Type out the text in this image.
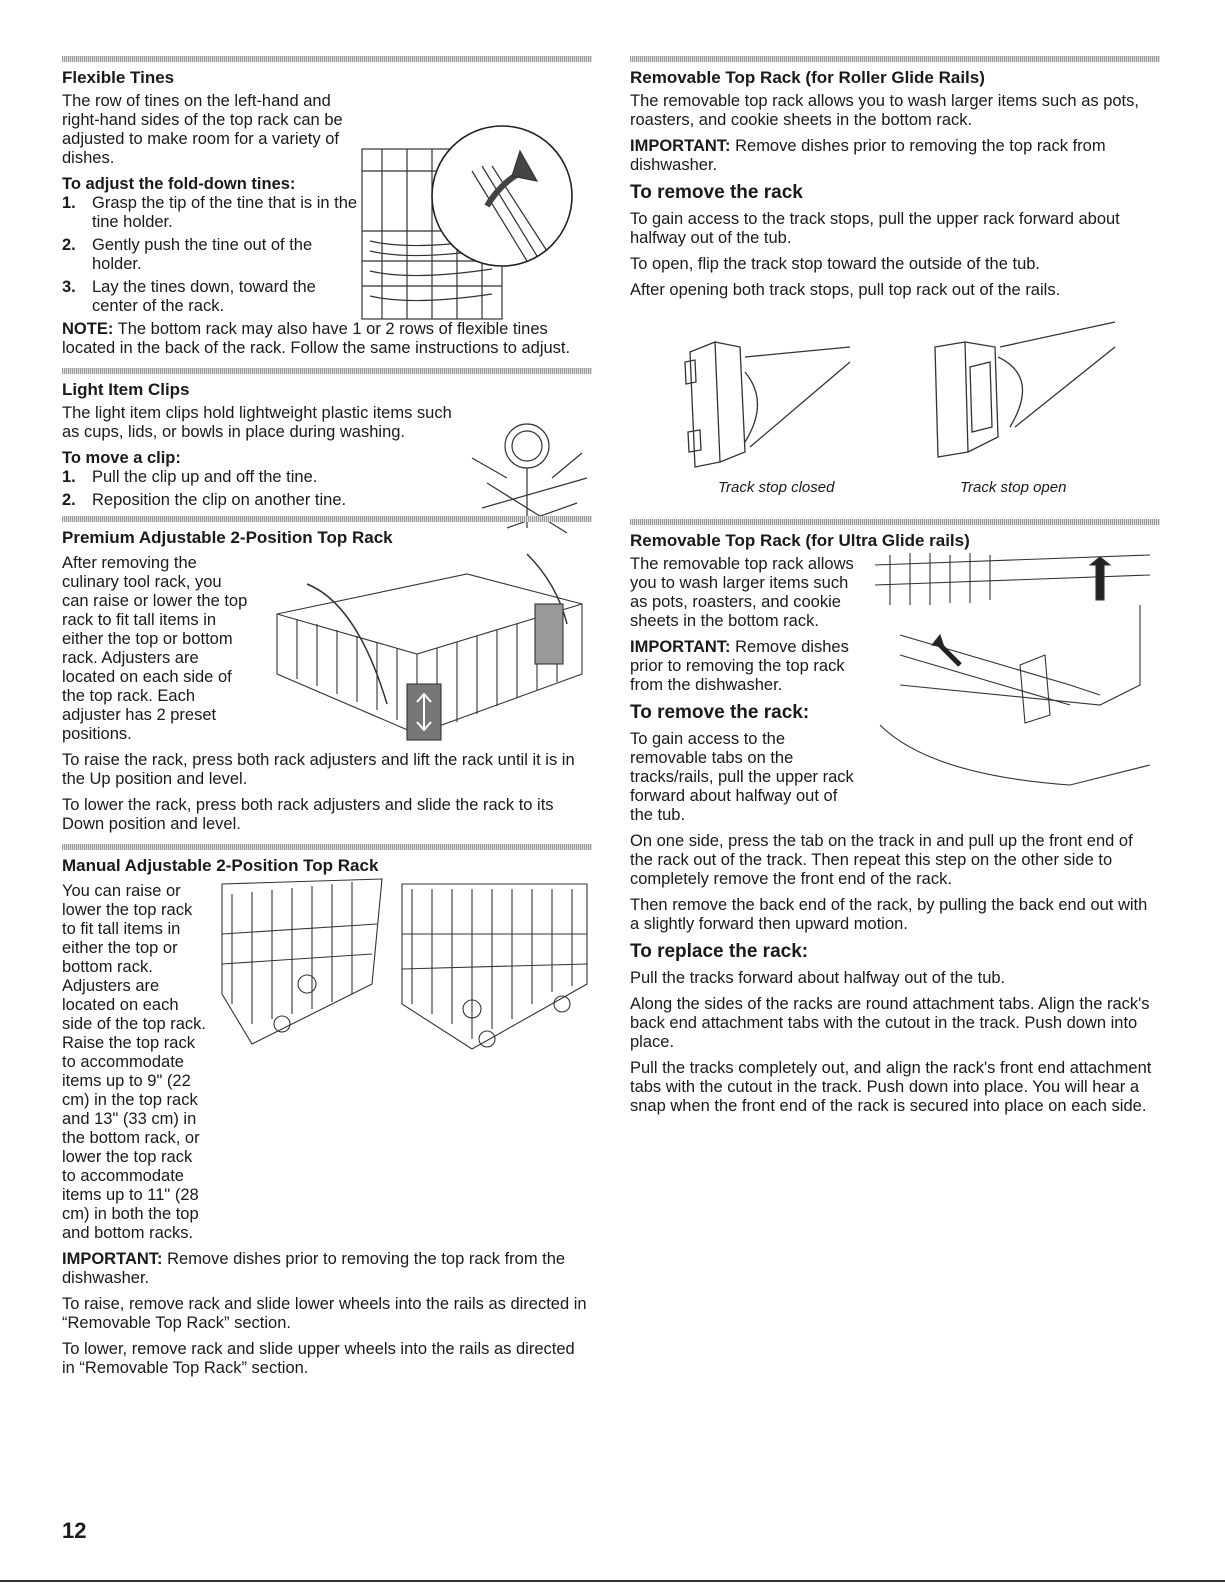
Flexible Tines

The row of tines on the left-hand and right-hand sides of the top rack can be adjusted to make room for a variety of dishes.

To adjust the fold-down tines:
1. Grasp the tip of the tine that is in the tine holder.
2. Gently push the tine out of the holder.
3. Lay the tines down, toward the center of the rack.

NOTE: The bottom rack may also have 1 or 2 rows of flexible tines located in the back of the rack. Follow the same instructions to adjust.

Light Item Clips

The light item clips hold lightweight plastic items such as cups, lids, or bowls in place during washing.

To move a clip:
1. Pull the clip up and off the tine.
2. Reposition the clip on another tine.
Premium Adjustable 2-Position Top Rack

After removing the culinary tool rack, you can raise or lower the top rack to fit tall items in either the top or bottom rack. Adjusters are located on each side of the top rack. Each adjuster has 2 preset positions.

To raise the rack, press both rack adjusters and lift the rack until it is in the Up position and level.

To lower the rack, press both rack adjusters and slide the rack to its Down position and level.

Manual Adjustable 2-Position Top Rack

You can raise or lower the top rack to fit tall items in either the top or bottom rack. Adjusters are located on each side of the top rack. Raise the top rack to accommodate items up to 9" (22 cm) in the top rack and 13" (33 cm) in the bottom rack, or lower the top rack to accommodate items up to 11" (28 cm) in both the top and bottom racks.

IMPORTANT: Remove dishes prior to removing the top rack from the dishwasher.

To raise, remove rack and slide lower wheels into the rails as directed in “Removable Top Rack” section.

To lower, remove rack and slide upper wheels into the rails as directed in “Removable Top Rack” section.

Removable Top Rack (for Roller Glide Rails)

The removable top rack allows you to wash larger items such as pots, roasters, and cookie sheets in the bottom rack.

IMPORTANT: Remove dishes prior to removing the top rack from dishwasher.

To remove the rack

To gain access to the track stops, pull the upper rack forward about halfway out of the tub.

To open, flip the track stop toward the outside of the tub.

After opening both track stops, pull top rack out of the rails.

Track stop closed	Track stop open
Removable Top Rack (for Ultra Glide rails)

The removable top rack allows you to wash larger items such as pots, roasters, and cookie sheets in the bottom rack.

IMPORTANT: Remove dishes prior to removing the top rack from the dishwasher.

To remove the rack:

To gain access to the removable tabs on the tracks/rails, pull the upper rack forward about halfway out of the tub.

On one side, press the tab on the track in and pull up the front end of the rack out of the track. Then repeat this step on the other side to completely remove the front end of the rack.

Then remove the back end of the rack, by pulling the back end out with a slightly forward then upward motion.

To replace the rack:

Pull the tracks forward about halfway out of the tub.

Along the sides of the racks are round attachment tabs. Align the rack's back end attachment tabs with the cutout in the track. Push down into place.

Pull the tracks completely out, and align the rack's front end attachment tabs with the cutout in the track. Push down into place. You will hear a snap when the front end of the rack is secured into place on each side.

12
